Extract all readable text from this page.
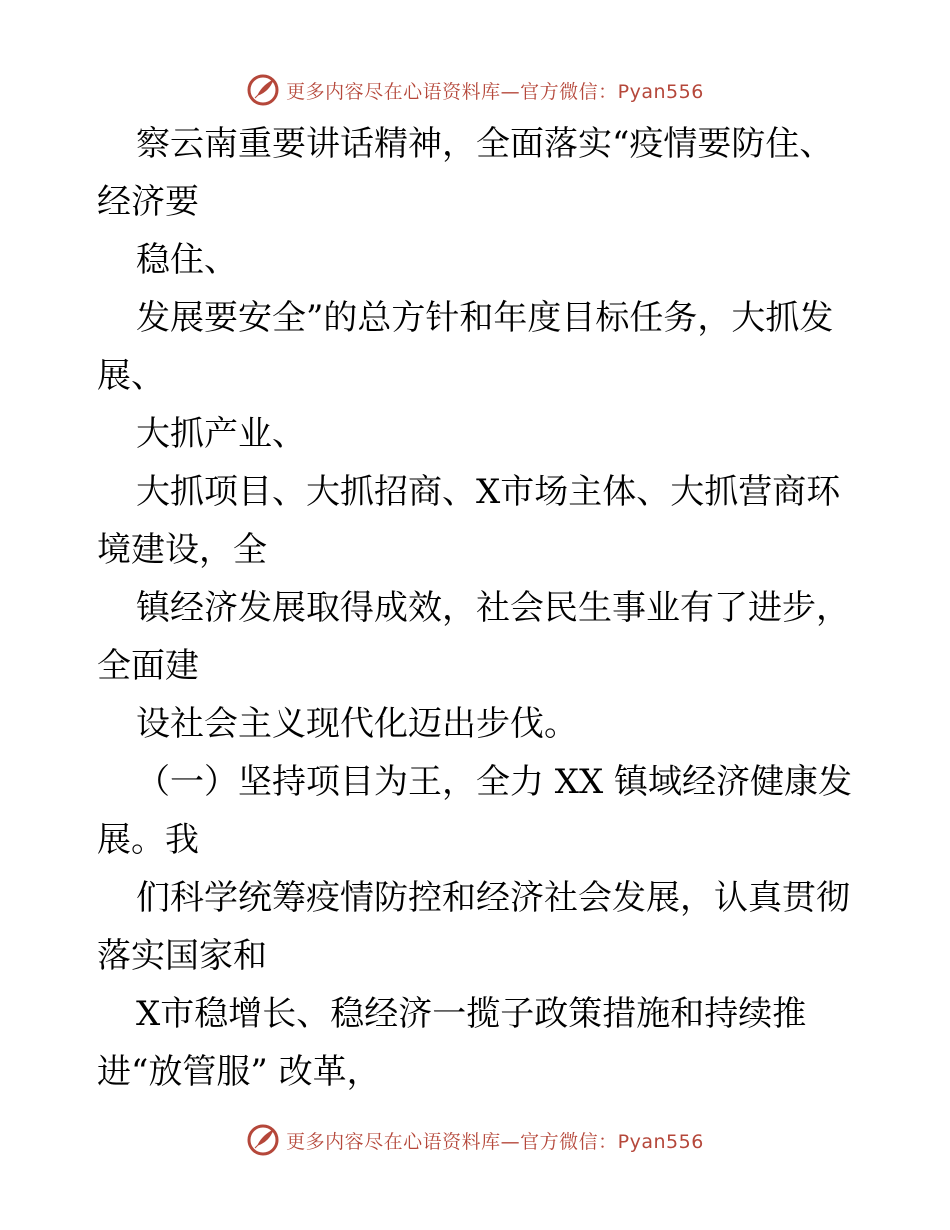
更多内容尽在心语资料库—官方微信：Pyan556
察云南重要讲话精神，全面落实“疫情要防住、
经济要
稳住、
发展要安全”的总方针和年度目标任务，大抓发
展、
大抓产业、
大抓项目、大抓招商、X市场主体、大抓营商环
境建设，全
镇经济发展取得成效，社会民生事业有了进步，
全面建
设社会主义现代化迈出步伐。
（一）坚持项目为王，全力 XX 镇域经济健康发
展。我
们科学统筹疫情防控和经济社会发展，认真贯彻
落实国家和
X市稳增长、稳经济一揽子政策措施和持续推
进“放管服” 改革，
更多内容尽在心语资料库—官方微信：Pyan556
